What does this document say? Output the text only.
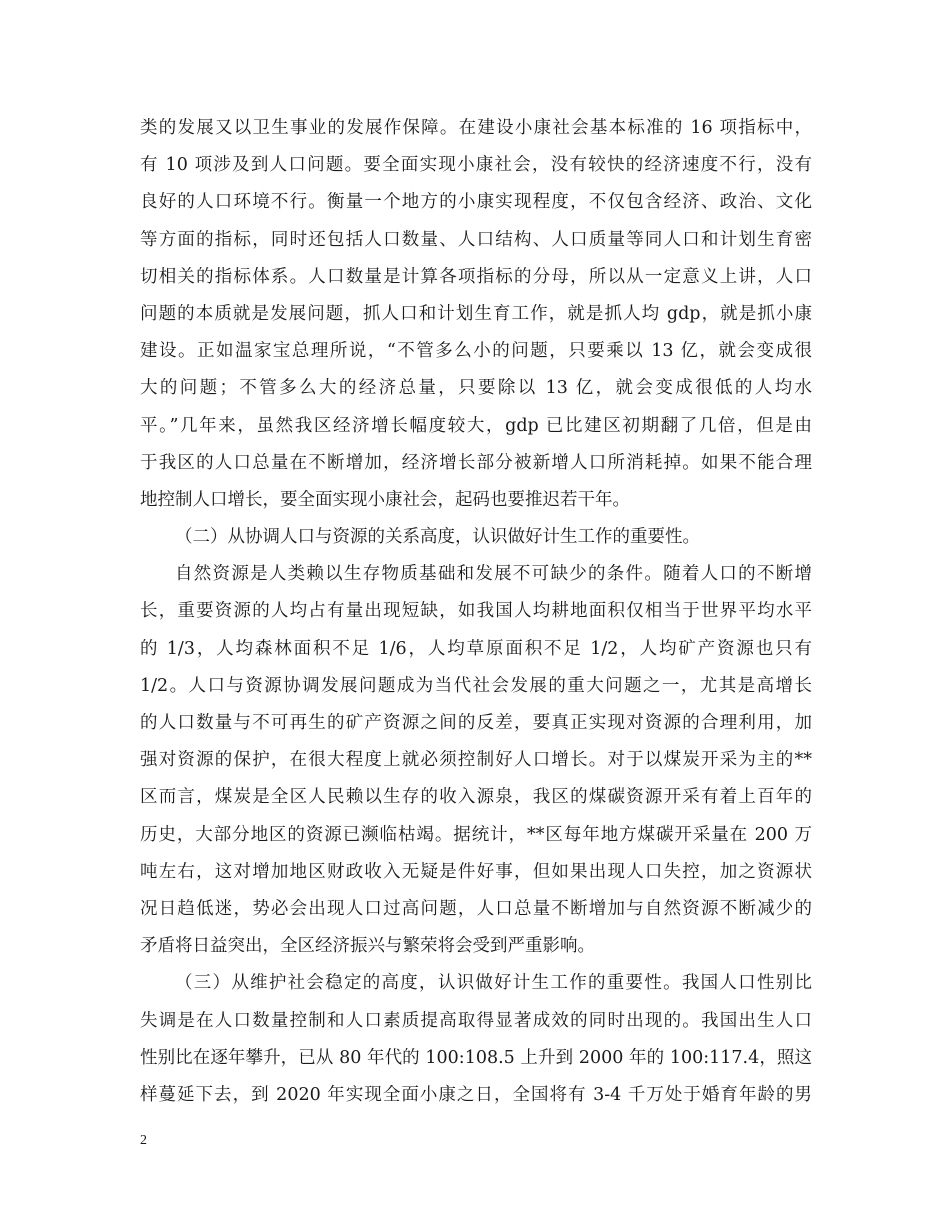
类的发展又以卫生事业的发展作保障。在建设小康社会基本标准的 16 项指标中，
有 10 项涉及到人口问题。要全面实现小康社会，没有较快的经济速度不行，没有
良好的人口环境不行。衡量一个地方的小康实现程度，不仅包含经济、政治、文化
等方面的指标，同时还包括人口数量、人口结构、人口质量等同人口和计划生育密
切相关的指标体系。人口数量是计算各项指标的分母，所以从一定意义上讲，人口
问题的本质就是发展问题，抓人口和计划生育工作，就是抓人均 gdp，就是抓小康
建设。正如温家宝总理所说，“不管多么小的问题，只要乘以 13 亿，就会变成很
大的问题；不管多么大的经济总量，只要除以 13 亿，就会变成很低的人均水
平。”几年来，虽然我区经济增长幅度较大，gdp 已比建区初期翻了几倍，但是由
于我区的人口总量在不断增加，经济增长部分被新增人口所消耗掉。如果不能合理
地控制人口增长，要全面实现小康社会，起码也要推迟若干年。
（二）从协调人口与资源的关系高度，认识做好计生工作的重要性。
自然资源是人类赖以生存物质基础和发展不可缺少的条件。随着人口的不断增
长，重要资源的人均占有量出现短缺，如我国人均耕地面积仅相当于世界平均水平
的 1/3，人均森林面积不足 1/6，人均草原面积不足 1/2，人均矿产资源也只有
1/2。人口与资源协调发展问题成为当代社会发展的重大问题之一，尤其是高增长
的人口数量与不可再生的矿产资源之间的反差，要真正实现对资源的合理利用，加
强对资源的保护，在很大程度上就必须控制好人口增长。对于以煤炭开采为主的**
区而言，煤炭是全区人民赖以生存的收入源泉，我区的煤碳资源开采有着上百年的
历史，大部分地区的资源已濒临枯竭。据统计，**区每年地方煤碳开采量在 200 万
吨左右，这对增加地区财政收入无疑是件好事，但如果出现人口失控，加之资源状
况日趋低迷，势必会出现人口过高问题，人口总量不断增加与自然资源不断减少的
矛盾将日益突出，全区经济振兴与繁荣将会受到严重影响。
（三）从维护社会稳定的高度，认识做好计生工作的重要性。我国人口性别比
失调是在人口数量控制和人口素质提高取得显著成效的同时出现的。我国出生人口
性别比在逐年攀升，已从 80 年代的 100:108.5 上升到 2000 年的 100:117.4，照这
样蔓延下去，到 2020 年实现全面小康之日，全国将有 3-4 千万处于婚育年龄的男
2
